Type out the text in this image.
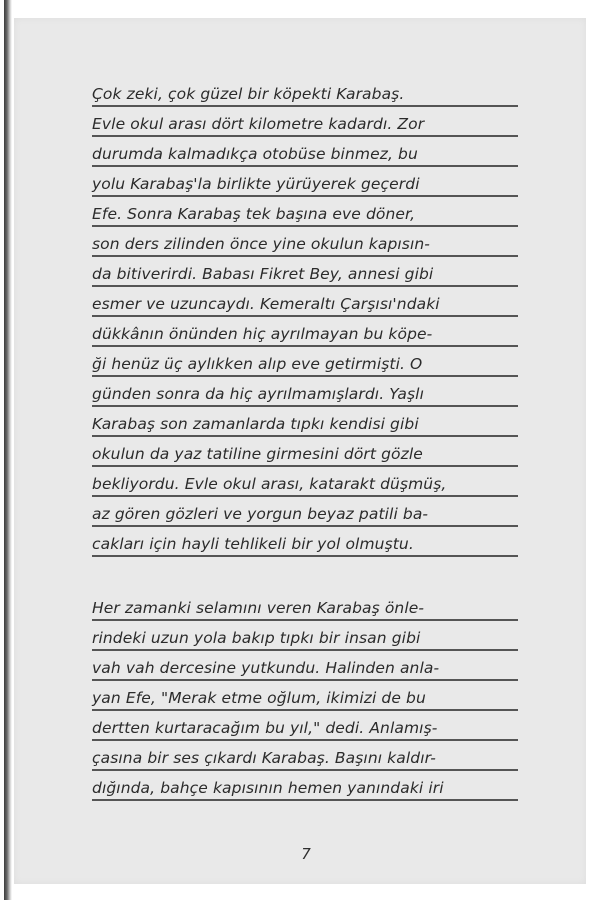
Çok zeki, çok güzel bir köpekti Karabaş.
Evle okul arası dört kilometre kadardı. Zor
durumda kalmadıkça otobüse binmez, bu
yolu Karabaş'la birlikte yürüyerek geçerdi
Efe. Sonra Karabaş tek başına eve döner,
son ders zilinden önce yine okulun kapısın-
da bitiverirdi. Babası Fikret Bey, annesi gibi
esmer ve uzuncaydı. Kemeraltı Çarşısı'ndaki
dükkânın önünden hiç ayrılmayan bu köpe-
ği henüz üç aylıkken alıp eve getirmişti. O
günden sonra da hiç ayrılmamışlardı. Yaşlı
Karabaş son zamanlarda tıpkı kendisi gibi
okulun da yaz tatiline girmesini dört gözle
bekliyordu. Evle okul arası, katarakt düşmüş,
az gören gözleri ve yorgun beyaz patili ba-
cakları için hayli tehlikeli bir yol olmuştu.
Her zamanki selamını veren Karabaş önle-
rindeki uzun yola bakıp tıpkı bir insan gibi
vah vah dercesine yutkundu. Halinden anla-
yan Efe, "Merak etme oğlum, ikimizi de bu
dertten kurtaracağım bu yıl," dedi. Anlamış-
çasına bir ses çıkardı Karabaş. Başını kaldır-
dığında, bahçe kapısının hemen yanındaki iri
7
